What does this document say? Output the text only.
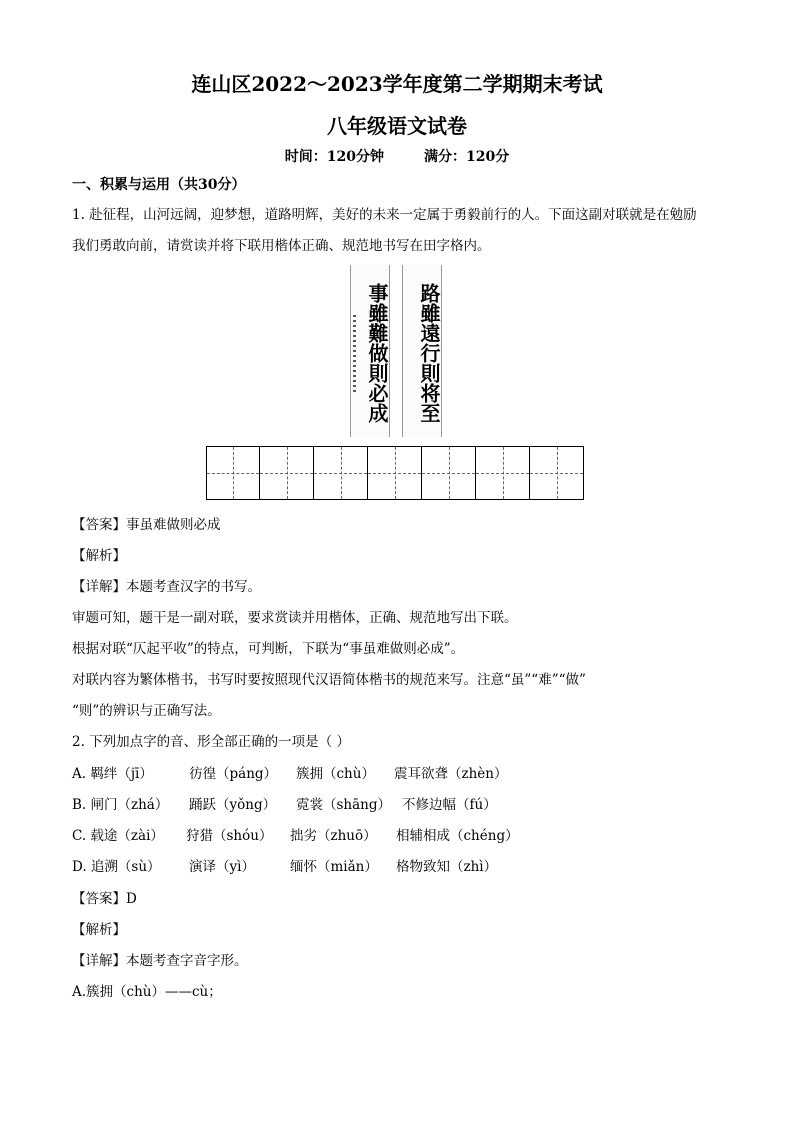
连山区2022～2023学年度第二学期期末考试
八年级语文试卷
时间：120分钟	满分：120分
一、积累与运用（共30分）
1. 赴征程，山河远阔，迎梦想，道路明辉，美好的未来一定属于勇毅前行的人。下面这副对联就是在勉励
我们勇敢向前，请赏读并将下联用楷体正确、规范地书写在田字格内。
事雖難做則必成	路雖遠行則将至
【答案】事虽难做则必成
【解析】
【详解】本题考查汉字的书写。
审题可知，题干是一副对联，要求赏读并用楷体，正确、规范地写出下联。
根据对联“仄起平收”的特点，可判断，下联为“事虽难做则必成”。
对联内容为繁体楷书，书写时要按照现代汉语简体楷书的规范来写。注意“虽”“难”“做”
“则”的辨识与正确写法。
2. 下列加点字的音、形全部正确的一项是（ ）
A. 羁绊（jī）	彷徨（páng） 簇拥（chù） 震耳欲聋（zhèn）
B. 闸门（zhá） 踊跃（yǒng） 霓裳（shāng） 不修边幅（fú）
C. 载途（zài） 狩猎（shóu） 拙劣（zhuō） 相辅相成（chéng）
D. 追溯（sù） 演译（yì）	缅怀（miǎn） 格物致知（zhì）
【答案】D
【解析】
【详解】本题考查字音字形。
A.簇拥（chù）——cù；
